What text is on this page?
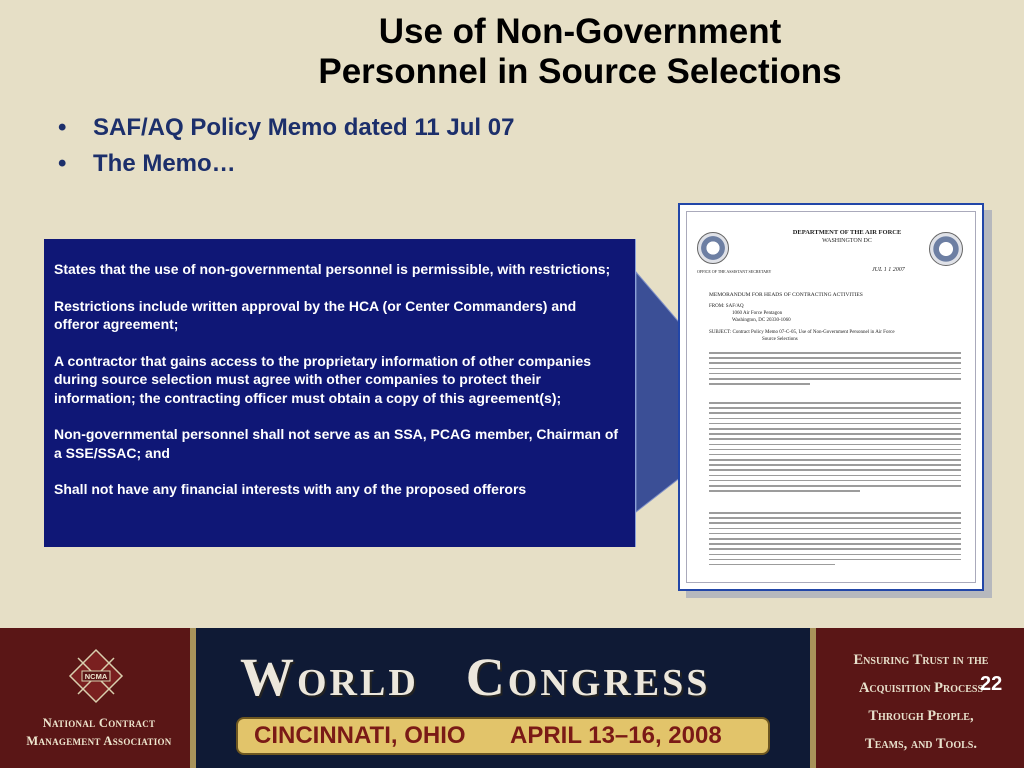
Use of Non-Government
Personnel in Source Selections
• SAF/AQ Policy Memo dated 11 Jul 07
• The Memo…

States that the use of non-governmental personnel is permissible, with restrictions;

Restrictions include written approval by the HCA (or Center Commanders) and offeror agreement;

A contractor that gains access to the proprietary information of other companies during source selection must agree with other companies to protect their information; the contracting officer must obtain a copy of this agreement(s);

Non-governmental personnel shall not serve as an SSA, PCAG member, Chairman of a SSE/SSAC; and

Shall not have any financial interests with any of the proposed offerors

DEPARTMENT OF THE AIR FORCE
WASHINGTON DC
OFFICE OF THE ASSISTANT SECRETARY	JUL 1 1 2007
MEMORANDUM FOR HEADS OF CONTRACTING ACTIVITIES
FROM: SAF/AQ
1060 Air Force Pentagon
Washington, DC 20330-1060
SUBJECT: Contract Policy Memo 07-C-05, Use of Non-Government Personnel in Air Force
Source Selections
NCMA
National Contract
Management Association
World Congress
CINCINNATI, OHIO APRIL 13–16, 2008
Ensuring Trust in the
Acquisition Process
Through People,
Teams, and Tools.
22
